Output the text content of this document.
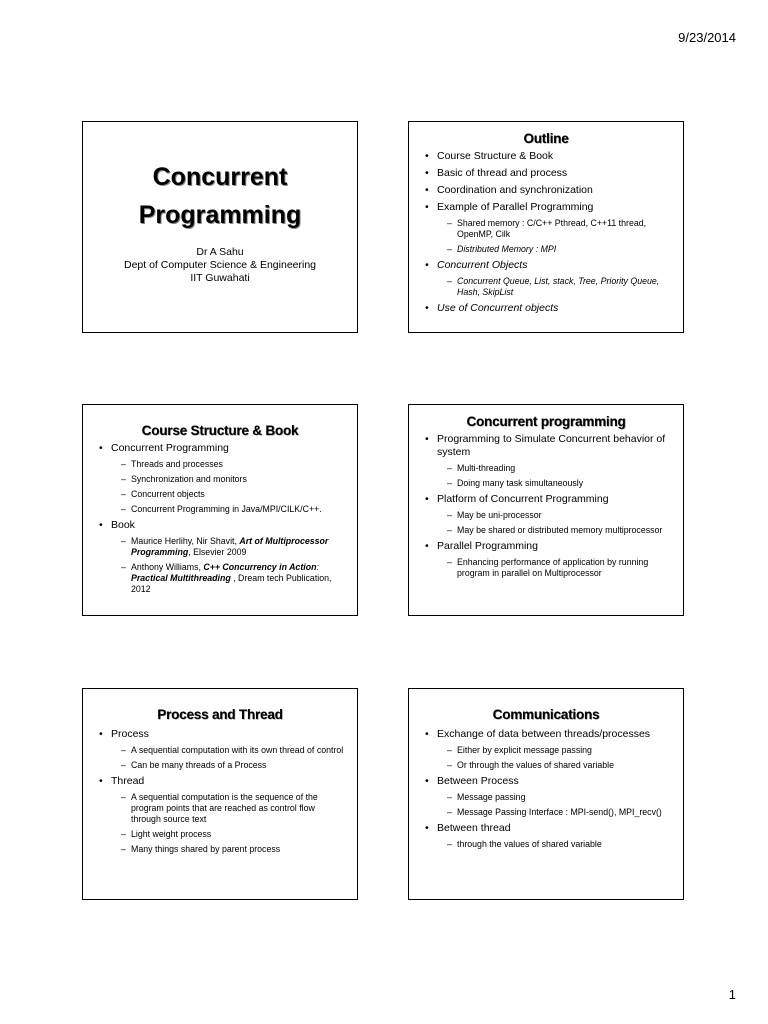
9/23/2014
Concurrent
Programming
Dr A Sahu
Dept of Computer Science & Engineering
IIT Guwahati
Outline
• Course Structure & Book
• Basic of thread and process
• Coordination and synchronization
• Example of Parallel Programming
– Shared memory : C/C++ Pthread, C++11 thread, OpenMP, Cilk
– Distributed Memory : MPI
• Concurrent Objects
– Concurrent Queue, List, stack, Tree, Priority Queue, Hash, SkipList
• Use of Concurrent objects
Course Structure & Book
• Concurrent Programming
– Threads and processes
– Synchronization and monitors
– Concurrent objects
– Concurrent Programming in Java/MPI/CILK/C++.
• Book
– Maurice Herlihy, Nir Shavit, Art of Multiprocessor Programming, Elsevier 2009
– Anthony Williams, C++ Concurrency in Action: Practical Multithreading , Dream tech Publication, 2012
Concurrent programming
• Programming to Simulate Concurrent behavior of system
– Multi-threading
– Doing many task simultaneously
• Platform of Concurrent Programming
– May be uni-processor
– May be shared or distributed memory multiprocessor
• Parallel Programming
– Enhancing performance of application by running program in parallel on Multiprocessor
Process and Thread
• Process
– A sequential computation with its own thread of control
– Can be many threads of a Process
• Thread
– A sequential computation is the sequence of the program points that are reached as control flow through source text
– Light weight process
– Many things shared by parent process
Communications
• Exchange of data between threads/processes
– Either by explicit message passing
– Or through the values of shared variable
• Between Process
– Message passing
– Message Passing Interface : MPI-send(), MPI_recv()
• Between thread
– through the values of shared variable
1
